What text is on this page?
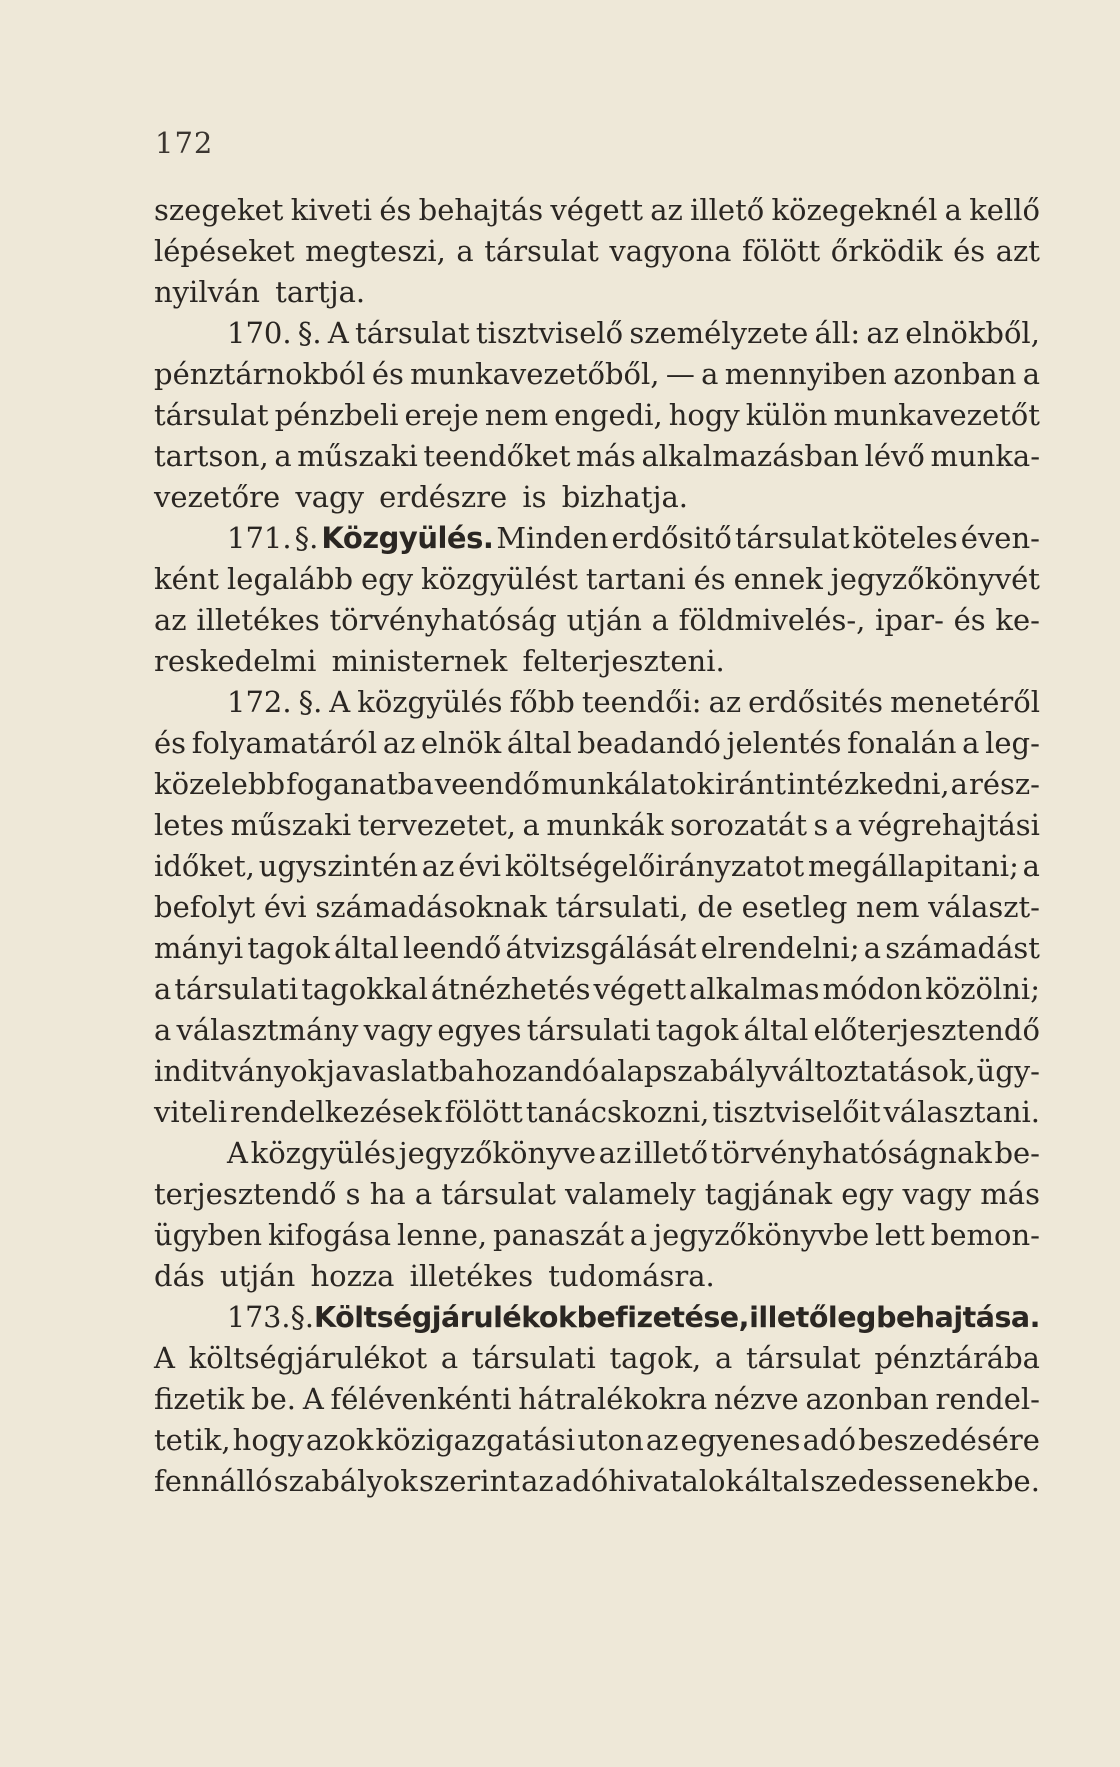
172
szegeket kiveti és behajtás végett az illető közegeknél a kellő
lépéseket megteszi, a társulat vagyona fölött őrködik és azt
nyilván tartja.
170. §. A társulat tisztviselő személyzete áll: az elnökből,
pénztárnokból és munkavezetőből, — a mennyiben azonban a
társulat pénzbeli ereje nem engedi, hogy külön munkavezetőt
tartson, a műszaki teendőket más alkalmazásban lévő munka-
vezetőre vagy erdészre is bizhatja.
171. §. Közgyülés. Minden erdősitő társulat köteles éven-
ként legalább egy közgyülést tartani és ennek jegyzőkönyvét
az illetékes törvényhatóság utján a földmivelés-, ipar- és ke-
reskedelmi ministernek felterjeszteni.
172. §. A közgyülés főbb teendői: az erdősités menetéről
és folyamatáról az elnök által beadandó jelentés fonalán a leg-
közelebb foganatba veendő munkálatok iránt intézkedni, a rész-
letes műszaki tervezetet, a munkák sorozatát s a végrehajtási
időket, ugyszintén az évi költségelőirányzatot megállapitani; a
befolyt évi számadásoknak társulati, de esetleg nem választ-
mányi tagok által leendő átvizsgálását elrendelni; a számadást
a társulati tagokkal átnézhetés végett alkalmas módon közölni;
a választmány vagy egyes társulati tagok által előterjesztendő
inditványok javaslatba hozandó alapszabályváltoztatások, ügy-
viteli rendelkezések fölött tanácskozni, tisztviselőit választani.
A közgyülés jegyzőkönyve az illető törvényhatóságnak be-
terjesztendő s ha a társulat valamely tagjának egy vagy más
ügyben kifogása lenne, panaszát a jegyzőkönyvbe lett bemon-
dás utján hozza illetékes tudomásra.
173. §. Költségjárulékok befizetése, illetőleg behajtása.
A költségjárulékot a társulati tagok, a társulat pénztárába
fizetik be. A félévenkénti hátralékokra nézve azonban rendel-
tetik, hogy azok közigazgatási uton az egyenes adó beszedésére
fennálló szabályok szerint az adóhivatalok által szedessenek be.
